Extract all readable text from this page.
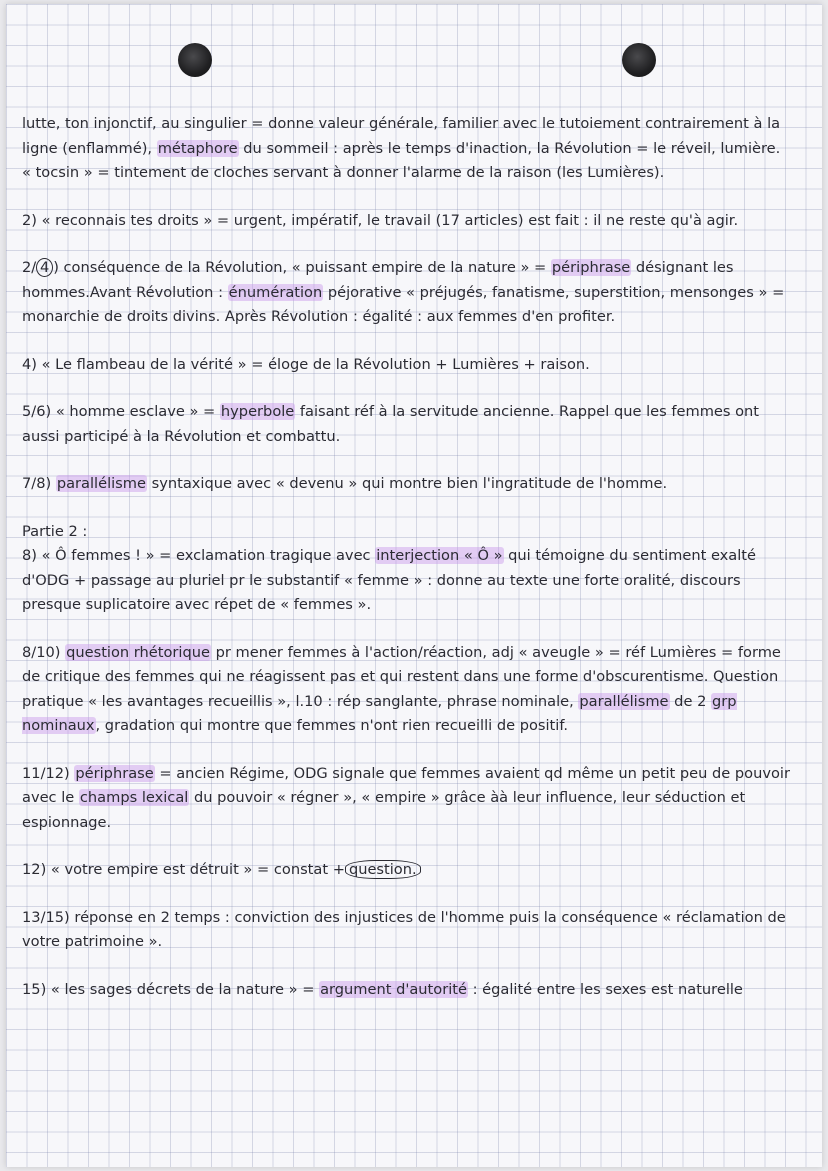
lutte, ton injonctif, au singulier = donne valeur générale, familier avec le tutoiement contrairement à la ligne (enflammé), métaphore du sommeil : après le temps d'inaction, la Révolution = le réveil, lumière. « tocsin » = tintement de cloches servant à donner l'alarme de la raison (les Lumières).
2) « reconnais tes droits » = urgent, impératif, le travail (17 articles) est fait : il ne reste qu'à agir.
2/ 4 ) conséquence de la Révolution, « puissant empire de la nature » = périphrase désignant les hommes.Avant Révolution : énumération péjorative « préjugés, fanatisme, superstition, mensonges » = monarchie de droits divins. Après Révolution : égalité : aux femmes d'en profiter.
4) « Le flambeau de la vérité » = éloge de la Révolution + Lumières + raison.
5/6) « homme esclave » = hyperbole faisant réf à la servitude ancienne. Rappel que les femmes ont aussi participé à la Révolution et combattu.
7/8) parallélisme syntaxique avec « devenu » qui montre bien l'ingratitude de l'homme.
Partie 2 :
8) « Ô femmes ! » = exclamation tragique avec interjection « Ô » qui témoigne du sentiment exalté d'ODG + passage au pluriel pr le substantif « femme » : donne au texte une forte oralité, discours presque suplicatoire avec répet de « femmes ».
8/10) question rhétorique pr mener femmes à l'action/réaction, adj « aveugle » = réf Lumières = forme de critique des femmes qui ne réagissent pas et qui restent dans une forme d'obscurentisme. Question pratique « les avantages recueillis », l.10 : rép sanglante, phrase nominale, parallélisme de 2 grp nominaux, gradation qui montre que femmes n'ont rien recueilli de positif.
11/12) périphrase = ancien Régime, ODG signale que femmes avaient qd même un petit peu de pouvoir avec le champs lexical du pouvoir « régner », « empire » grâce àà leur influence, leur séduction et espionnage.
12) « votre empire est détruit » = constat + question.
13/15) réponse en 2 temps : conviction des injustices de l'homme puis la conséquence « réclamation de votre patrimoine ».
15) « les sages décrets de la nature » = argument d'autorité : égalité entre les sexes est naturelle
